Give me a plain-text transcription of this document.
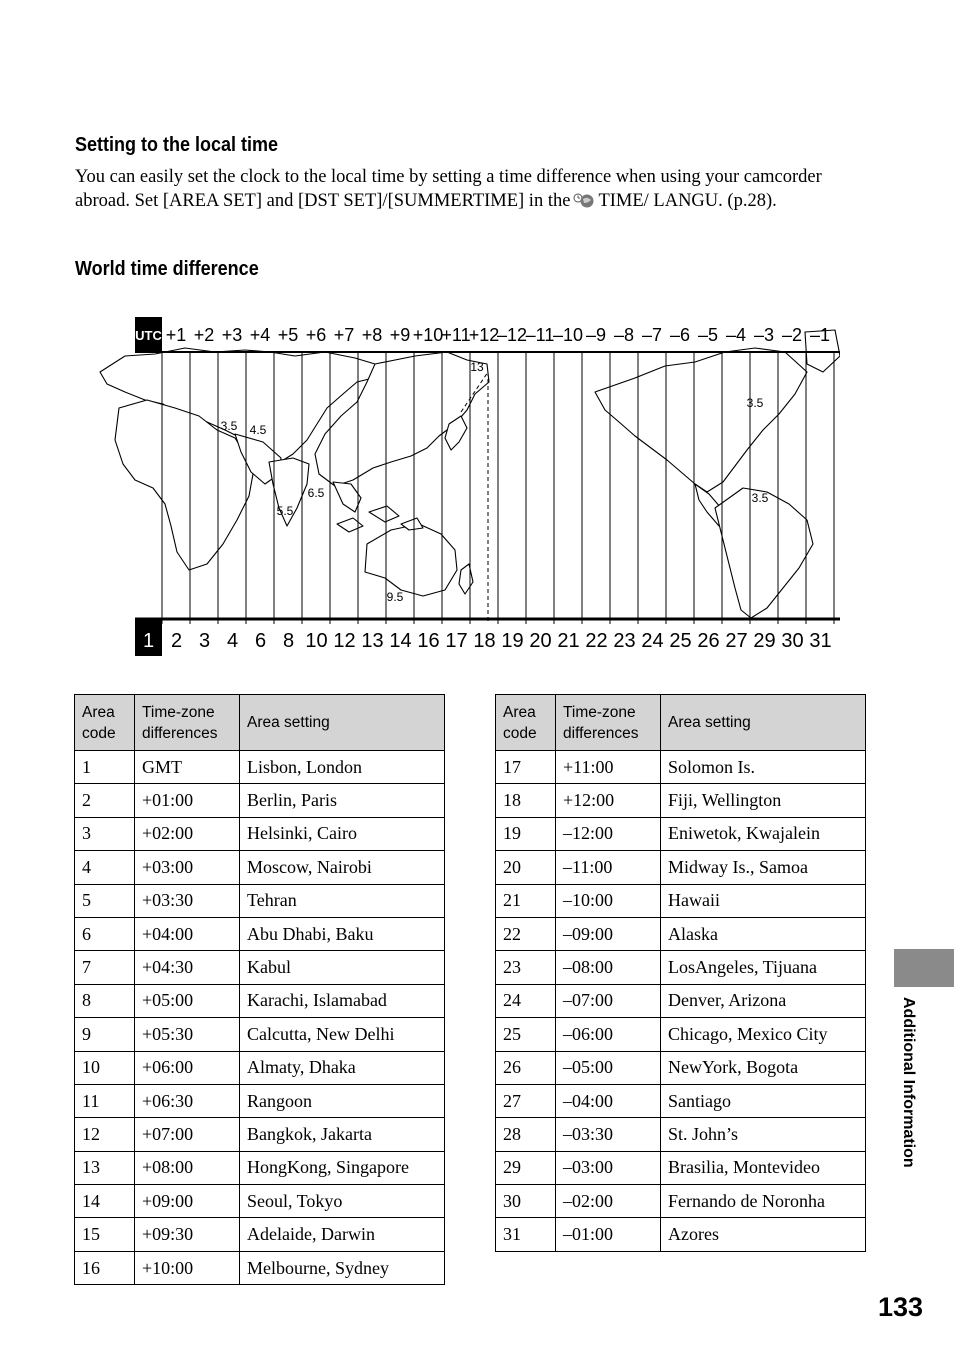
Setting to the local time
You can easily set the clock to the local time by setting a time difference when using your camcorder abroad. Set [AREA SET] and [DST SET]/[SUMMERTIME] in the TIME/ LANGU. (p.28).
World time difference
UTC +1 +2 +3 +4 +5 +6 +7 +8 +9 +10
+11
+12
–12
–11
–10 –9 –8 –7 –6 –5 –4 –3 –2 –1
1 2 3 4 6 8 10 12 13 14 16 17 18 19 20 21 22 23 24 25 26 27 29 30 31
3.5 4.5
5.5
6.5
9.5
13
3.5
3.5
Area code	Time-zone differences	Area setting
1	GMT	Lisbon, London
2	+01:00	Berlin, Paris
3	+02:00	Helsinki, Cairo
4	+03:00	Moscow, Nairobi
5	+03:30	Tehran
6	+04:00	Abu Dhabi, Baku
7	+04:30	Kabul
8	+05:00	Karachi, Islamabad
9	+05:30	Calcutta, New Delhi
10	+06:00	Almaty, Dhaka
11	+06:30	Rangoon
12	+07:00	Bangkok, Jakarta
13	+08:00	HongKong, Singapore
14	+09:00	Seoul, Tokyo
15	+09:30	Adelaide, Darwin
16	+10:00	Melbourne, Sydney
Area code	Time-zone differences	Area setting
17	+11:00	Solomon Is.
18	+12:00	Fiji, Wellington
19	–12:00	Eniwetok, Kwajalein
20	–11:00	Midway Is., Samoa
21	–10:00	Hawaii
22	–09:00	Alaska
23	–08:00	LosAngeles, Tijuana
24	–07:00	Denver, Arizona
25	–06:00	Chicago, Mexico City
26	–05:00	NewYork, Bogota
27	–04:00	Santiago
28	–03:30	St. John’s
29	–03:00	Brasilia, Montevideo
30	–02:00	Fernando de Noronha
31	–01:00	Azores
Additional Information
133
